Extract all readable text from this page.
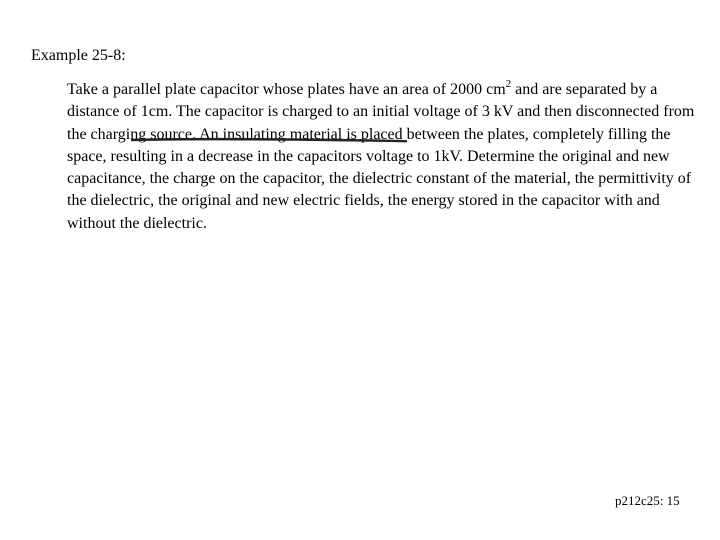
Example 25-8:

Take a parallel plate capacitor whose plates have an area of 2000 $cm^2$ and are separated by a distance of 1cm. The capacitor is charged to an initial voltage of 3 kV and then disconnected from the charging source. An insulating material is placed between the plates, completely filling the space, resulting in a decrease in the capacitors voltage to 1kV. Determine the original and new capacitance, the charge on the capacitor, the dielectric constant of the material, the permittivity of the dielectric, the original and new electric fields, the energy stored in the capacitor with and without the dielectric.

p212c25: 15
